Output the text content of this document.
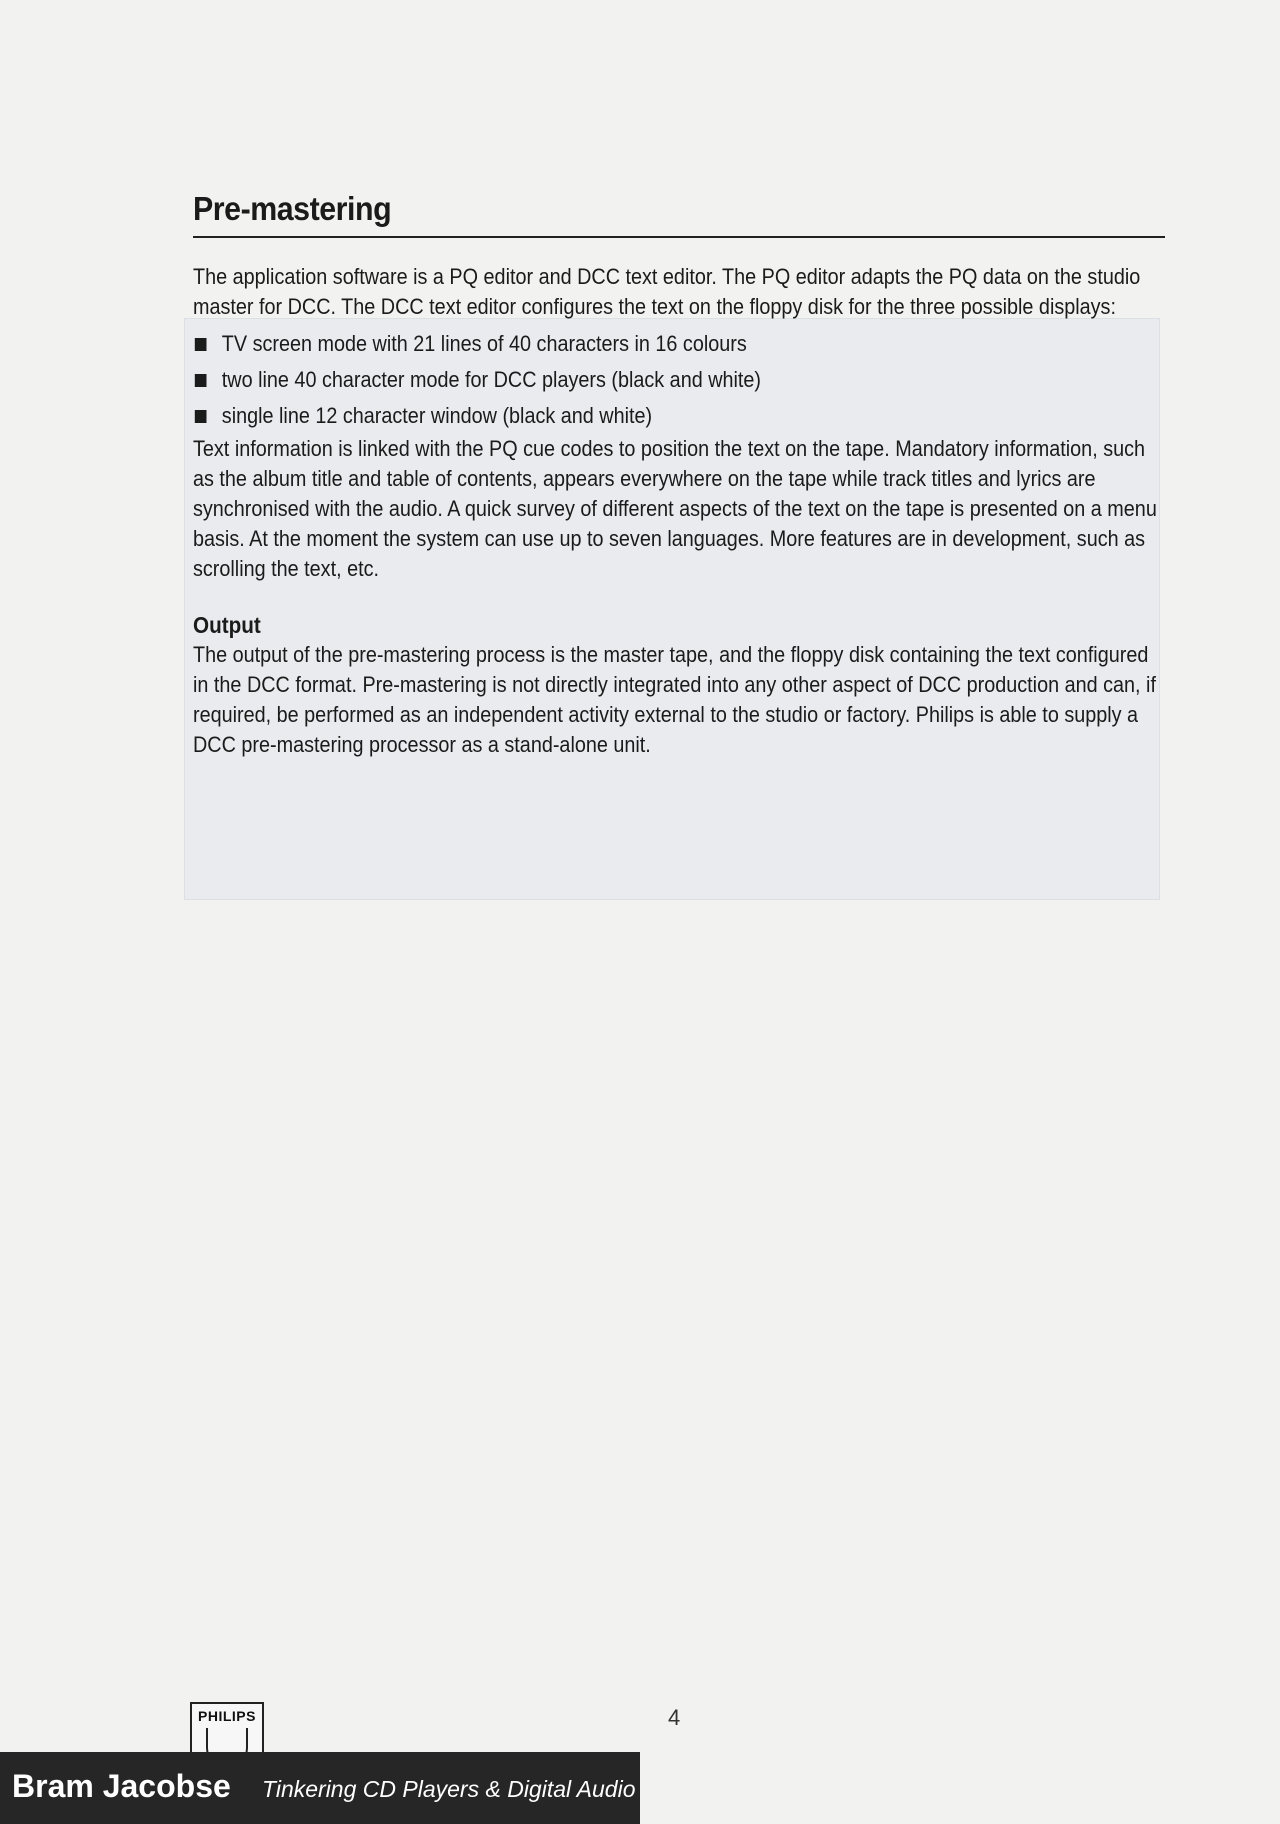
Pre-mastering

The application software is a PQ editor and DCC text editor. The PQ editor adapts the PQ data on the studio master for DCC. The DCC text editor configures the text on the floppy disk for the three possible displays:

TV screen mode with 21 lines of 40 characters in 16 colours
two line 40 character mode for DCC players (black and white)
single line 12 character window (black and white)

Text information is linked with the PQ cue codes to position the text on the tape. Mandatory information, such as the album title and table of contents, appears everywhere on the tape while track titles and lyrics are synchronised with the audio. A quick survey of different aspects of the text on the tape is presented on a menu basis. At the moment the system can use up to seven languages. More features are in development, such as scrolling the text, etc.

Output

The output of the pre-mastering process is the master tape, and the floppy disk containing the text configured in the DCC format. Pre-mastering is not directly integrated into any other aspect of DCC production and can, if required, be performed as an independent activity external to the studio or factory. Philips is able to supply a DCC pre-mastering processor as a stand-alone unit.

PHILIPS	4
Bram Jacobse Tinkering CD Players & Digital Audio
